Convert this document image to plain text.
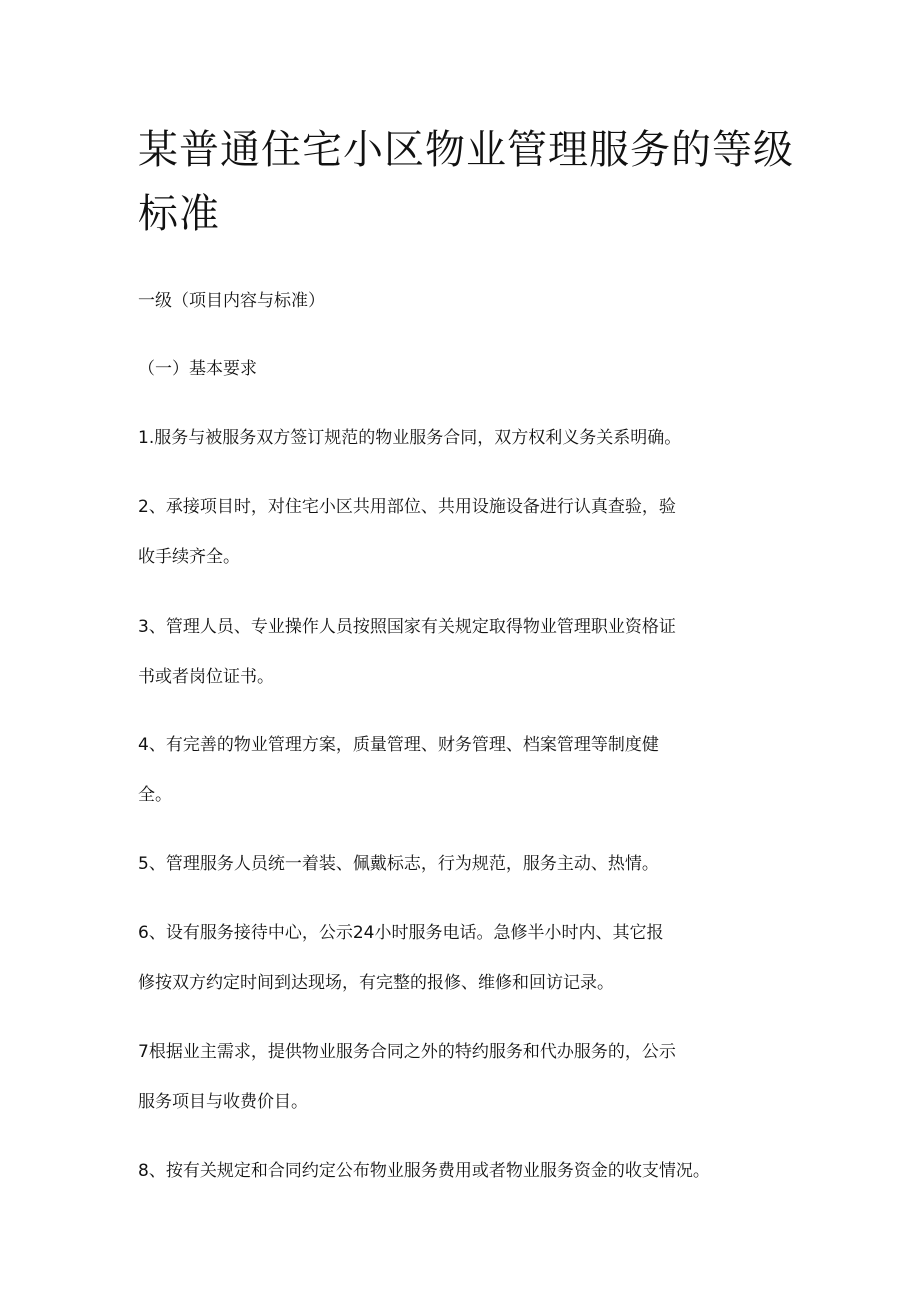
某普通住宅小区物业管理服务的等级标准

一级（项目内容与标准）

（一）基本要求

1.服务与被服务双方签订规范的物业服务合同，双方权利义务关系明确。

2、承接项目时，对住宅小区共用部位、共用设施设备进行认真查验，验

收手续齐全。

3、管理人员、专业操作人员按照国家有关规定取得物业管理职业资格证

书或者岗位证书。

4、有完善的物业管理方案，质量管理、财务管理、档案管理等制度健

全。

5、管理服务人员统一着装、佩戴标志，行为规范，服务主动、热情。

6、设有服务接待中心，公示24小时服务电话。急修半小时内、其它报

修按双方约定时间到达现场，有完整的报修、维修和回访记录。

7根据业主需求，提供物业服务合同之外的特约服务和代办服务的，公示

服务项目与收费价目。

8、按有关规定和合同约定公布物业服务费用或者物业服务资金的收支情况。
